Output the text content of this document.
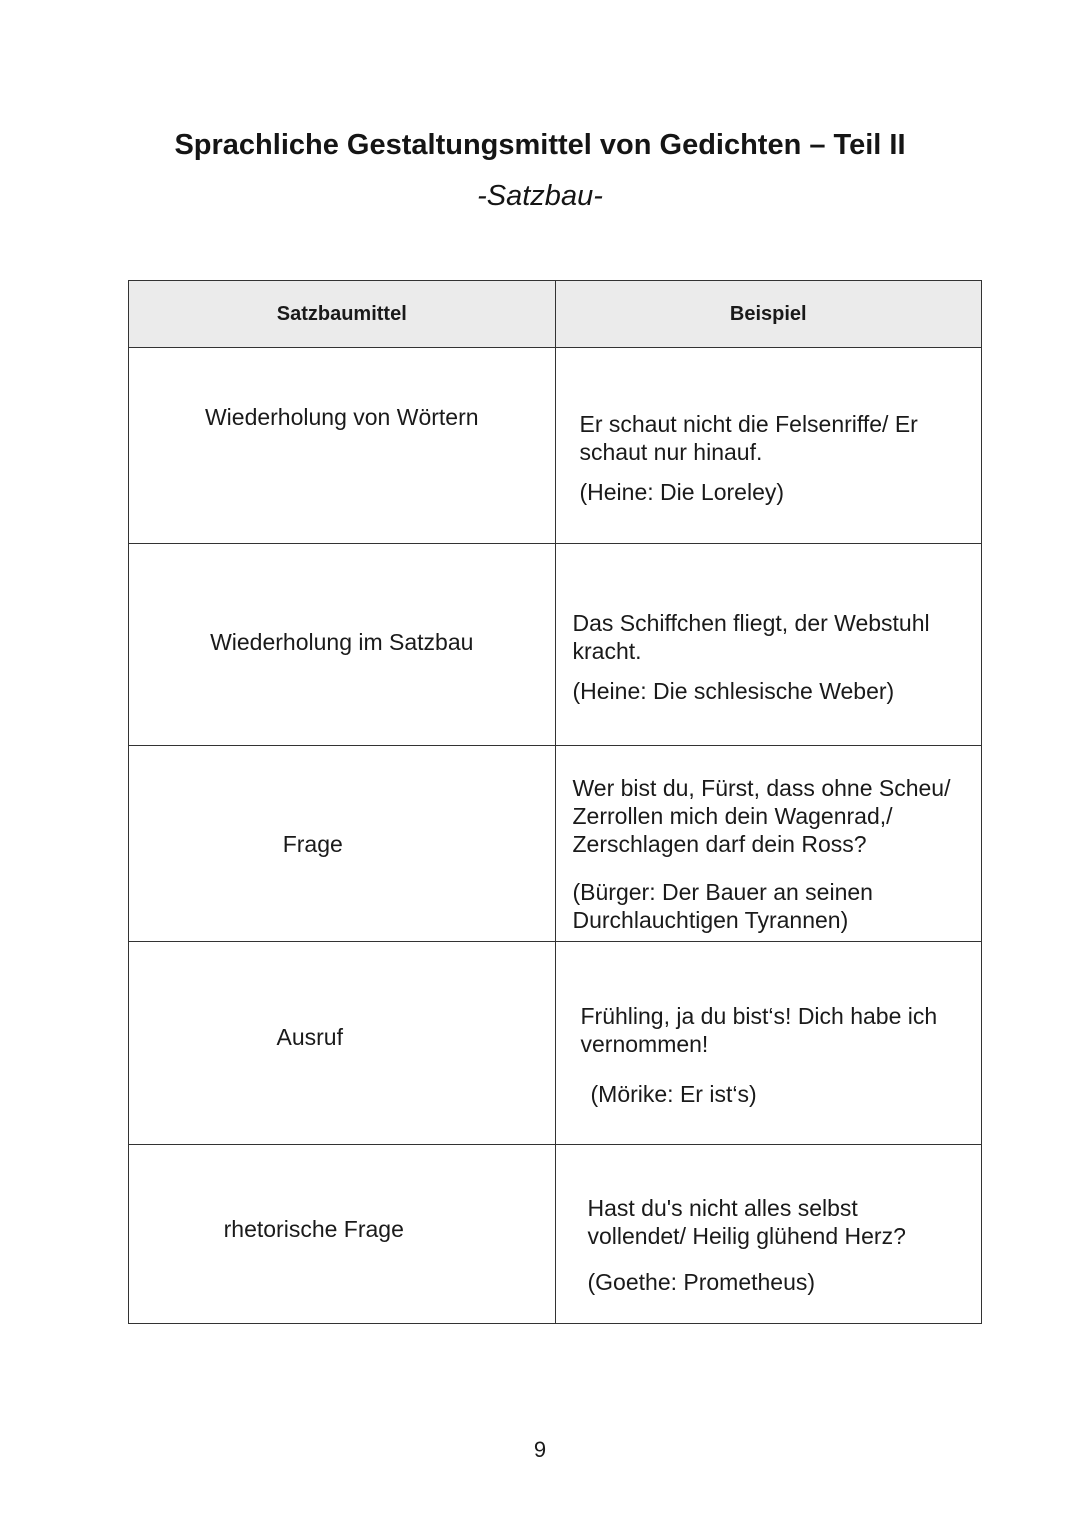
Sprachliche Gestaltungsmittel von Gedichten – Teil II
-Satzbau-
Satzbaumittel	Beispiel
Wiederholung von Wörtern	Er schaut nicht die Felsenriffe/ Er schaut nur hinauf.
(Heine: Die Loreley)

Wiederholung im Satzbau	Das Schiffchen fliegt, der Webstuhl kracht.
(Heine: Die schlesische Weber)

Frage	Wer bist du, Fürst, dass ohne Scheu/ Zerrollen mich dein Wagenrad,/ Zerschlagen darf dein Ross?
(Bürger: Der Bauer an seinen Durchlauchtigen Tyrannen)

Ausruf	Frühling, ja du bist‘s! Dich habe ich vernommen!
(Mörike: Er ist‘s)

rhetorische Frage	Hast du's nicht alles selbst vollendet/ Heilig glühend Herz?
(Goethe: Prometheus)
9
